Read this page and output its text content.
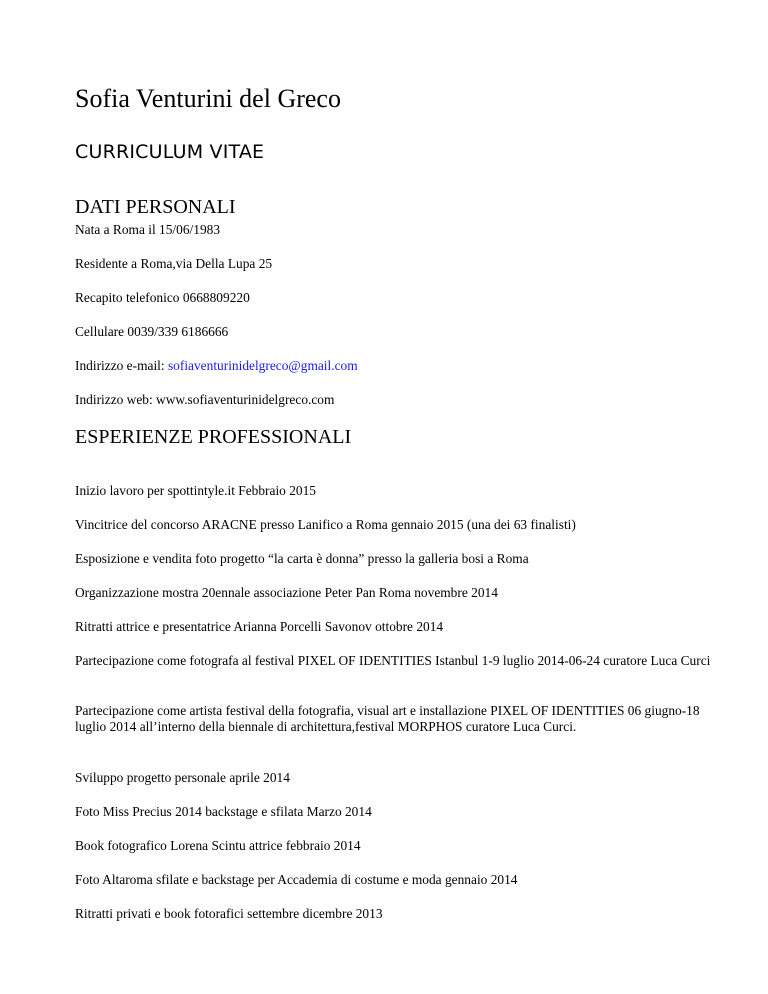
Sofia Venturini del Greco
CURRICULUM VITAE
DATI PERSONALI
Nata a Roma il 15/06/1983
Residente a Roma,via Della Lupa 25
Recapito telefonico 0668809220
Cellulare 0039/339 6186666
Indirizzo e-mail: sofiaventurinidelgreco@gmail.com
Indirizzo web: www.sofiaventurinidelgreco.com
ESPERIENZE PROFESSIONALI
Inizio lavoro per spottintyle.it Febbraio 2015
Vincitrice del concorso ARACNE presso Lanifico a Roma gennaio 2015 (una dei 63 finalisti)
Esposizione e vendita foto progetto “la carta è donna” presso la galleria bosi a Roma
Organizzazione mostra 20ennale associazione Peter Pan Roma novembre 2014
Ritratti attrice e presentatrice Arianna Porcelli Savonov ottobre 2014
Partecipazione come fotografa al festival PIXEL OF IDENTITIES Istanbul 1-9 luglio 2014-06-24 curatore Luca Curci
Partecipazione come artista festival della fotografia, visual art e installazione PIXEL OF IDENTITIES 06 giugno-18 luglio 2014 all’interno della biennale di architettura,festival MORPHOS curatore Luca Curci.
Sviluppo progetto personale aprile 2014
Foto Miss Precius 2014 backstage e sfilata Marzo 2014
Book fotografico Lorena Scintu attrice febbraio 2014
Foto Altaroma sfilate e backstage per Accademia di costume e moda gennaio 2014
Ritratti privati e book fotorafici settembre dicembre 2013
